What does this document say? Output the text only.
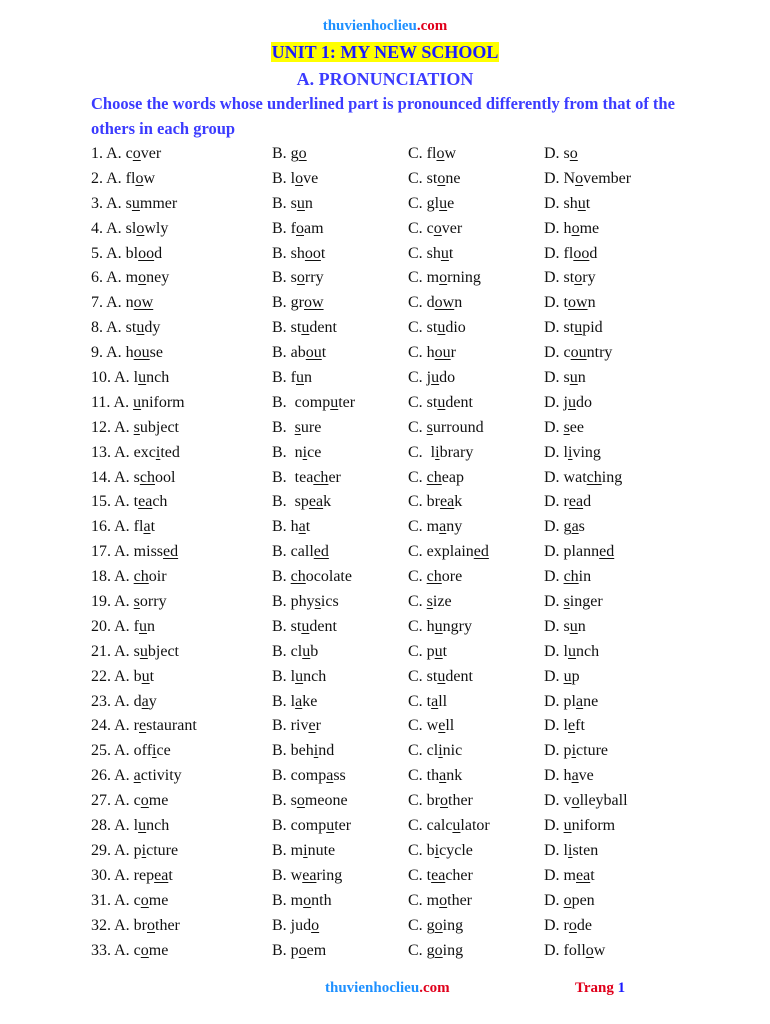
thuvienhoclieu.com
UNIT 1: MY NEW SCHOOL
A. PRONUNCIATION
Choose the words whose underlined part is pronounced differently from that of the others in each group
1. A. cover	B. go	C. flow	D. so
2. A. flow	B. love	C. stone	D. November
3. A. summer	B. sun	C. glue	D. shut
4. A. slowly	B. foam	C. cover	D. home
5. A. blood	B. shoot	C. shut	D. flood
6. A. money	B. sorry	C. morning	D. story
7. A. now	B. grow	C. down	D. town
8. A. study	B. student	C. studio	D. stupid
9. A. house	B. about	C. hour	D. country
10. A. lunch	B. fun	C. judo	D. sun
11. A. uniform	B.  computer	C. student	D. judo
12. A. subject	B.  sure	C. surround	D. see
13. A. excited	B.  nice	C.  library	D. living
14. A. school	B.  teacher	C. cheap	D. watching
15. A. teach	B.  speak	C. break	D. read
16. A. flat	B. hat	C. many	D. gas
17. A. missed	B. called	C. explained	D. planned
18. A. choir	B. chocolate	C. chore	D. chin
19. A. sorry	B. physics	C. size	D. singer
20. A. fun	B. student	C. hungry	D. sun
21. A. subject	B. club	C. put	D. lunch
22. A. but	B. lunch	C. student	D. up
23. A. day	B. lake	C. tall	D. plane
24. A. restaurant	B. river	C. well	D. left
25. A. office	B. behind	C. clinic	D. picture
26. A. activity	B. compass	C. thank	D. have
27. A. come	B. someone	C. brother	D. volleyball
28. A. lunch	B. computer	C. calculator	D. uniform
29. A. picture	B. minute	C. bicycle	D. listen
30. A. repeat	B. wearing	C. teacher	D. meat
31. A. come	B. month	C. mother	D. open
32. A. brother	B. judo	C. going	D. rode
33. A. come	B. poem	C. going	D. follow
thuvienhoclieu.com	Trang 1
